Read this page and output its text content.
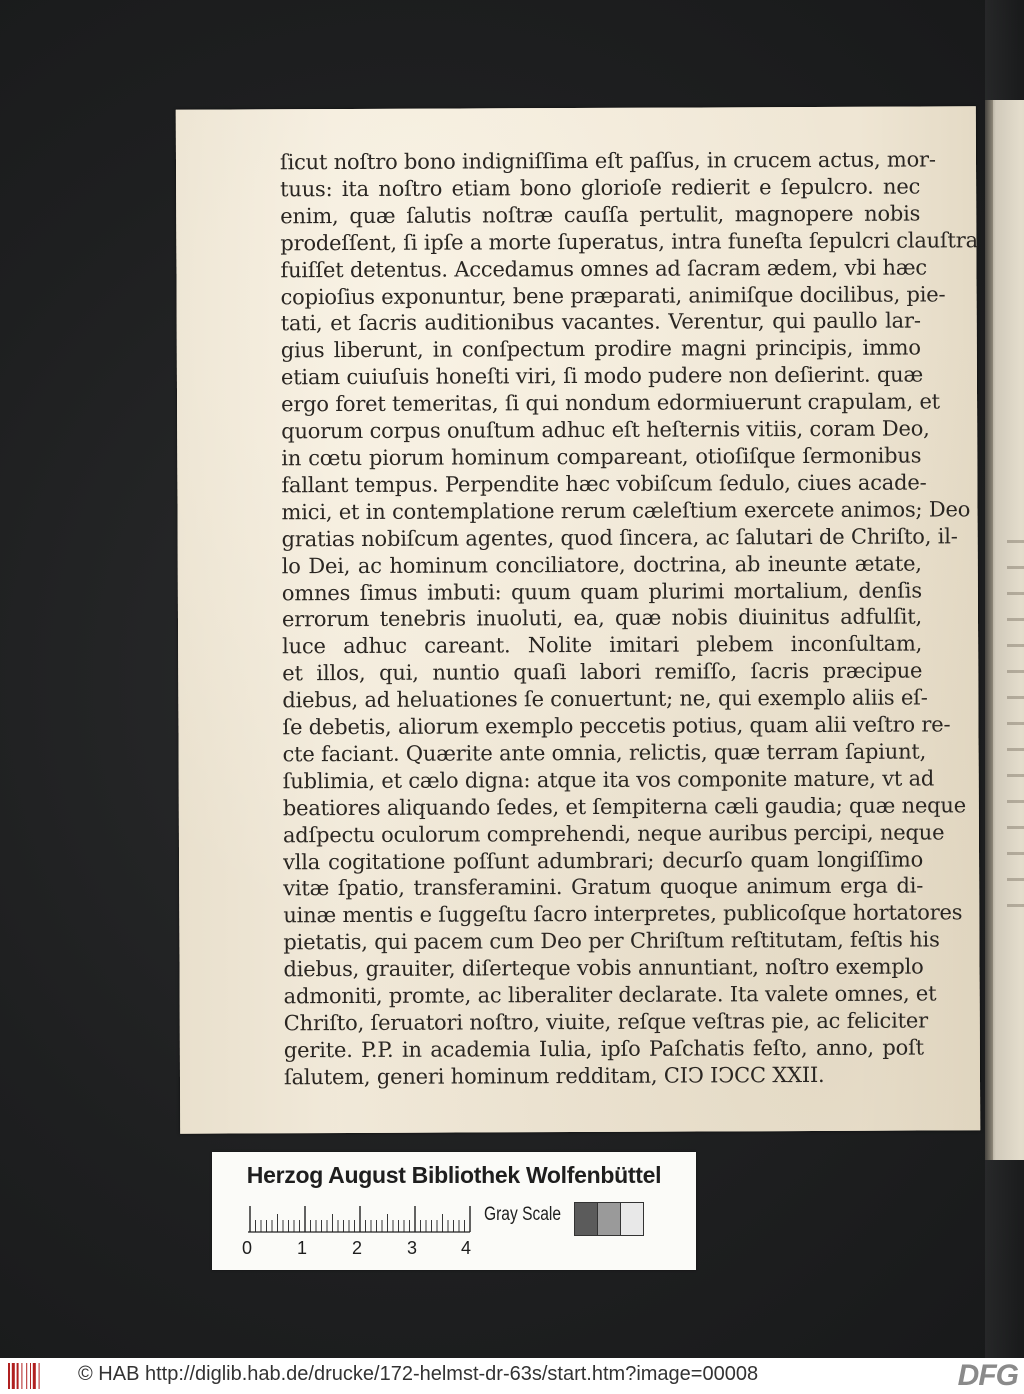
ſicut noſtro bono indigniſſima eſt paſſus, in crucem actus, mor-
tuus: ita noſtro etiam bono glorioſe redierit e ſepulcro. nec
enim, quæ ſalutis noſtræ cauſſa pertulit, magnopere nobis
prodeſſent, ſi ipſe a morte ſuperatus, intra funeſta ſepulcri clauſtra
fuiſſet detentus. Accedamus omnes ad ſacram ædem, vbi hæc
copioſius exponuntur, bene præparati, animiſque docilibus, pie-
tati, et ſacris auditionibus vacantes. Verentur, qui paullo lar-
gius liberunt, in conſpectum prodire magni principis, immo
etiam cuiuſuis honeſti viri, ſi modo pudere non deſierint. quæ
ergo foret temeritas, ſi qui nondum edormiuerunt crapulam, et
quorum corpus onuſtum adhuc eſt heſternis vitiis, coram Deo,
in cœtu piorum hominum compareant, otioſiſque ſermonibus
fallant tempus. Perpendite hæc vobiſcum ſedulo, ciues acade-
mici, et in contemplatione rerum cæleſtium exercete animos; Deo
gratias nobiſcum agentes, quod ſincera, ac ſalutari de Chriſto, il-
lo Dei, ac hominum conciliatore, doctrina, ab ineunte ætate,
omnes ſimus imbuti: quum quam plurimi mortalium, denſis
errorum tenebris inuoluti, ea, quæ nobis diuinitus adfulſit,
luce adhuc careant. Nolite imitari plebem inconſultam,
et illos, qui, nuntio quaſi labori remiſſo, ſacris præcipue
diebus, ad heluationes ſe conuertunt; ne, qui exemplo aliis eſ-
ſe debetis, aliorum exemplo peccetis potius, quam alii veſtro re-
cte faciant. Quærite ante omnia, relictis, quæ terram ſapiunt,
ſublimia, et cælo digna: atque ita vos componite mature, vt ad
beatiores aliquando ſedes, et ſempiterna cæli gaudia; quæ neque
adſpectu oculorum comprehendi, neque auribus percipi, neque
vlla cogitatione poſſunt adumbrari; decurſo quam longiſſimo
vitæ ſpatio, transferamini. Gratum quoque animum erga di-
uinæ mentis e ſuggeſtu ſacro interpretes, publicoſque hortatores
pietatis, qui pacem cum Deo per Chriſtum reſtitutam, feſtis his
diebus, grauiter, diſerteque vobis annuntiant, noſtro exemplo
admoniti, promte, ac liberaliter declarate. Ita valete omnes, et
Chriſto, ſeruatori noſtro, viuite, reſque veſtras pie, ac feliciter
gerite. P.P. in academia Iulia, ipſo Paſchatis feſto, anno, poſt
ſalutem, generi hominum redditam, CIↃ IↃCC XXII.
Herzog August Bibliothek Wolfenbüttel
0 1 2 3 4
Gray Scale
© HAB http://diglib.hab.de/drucke/172-helmst-dr-63s/start.htm?image=00008	DFG
